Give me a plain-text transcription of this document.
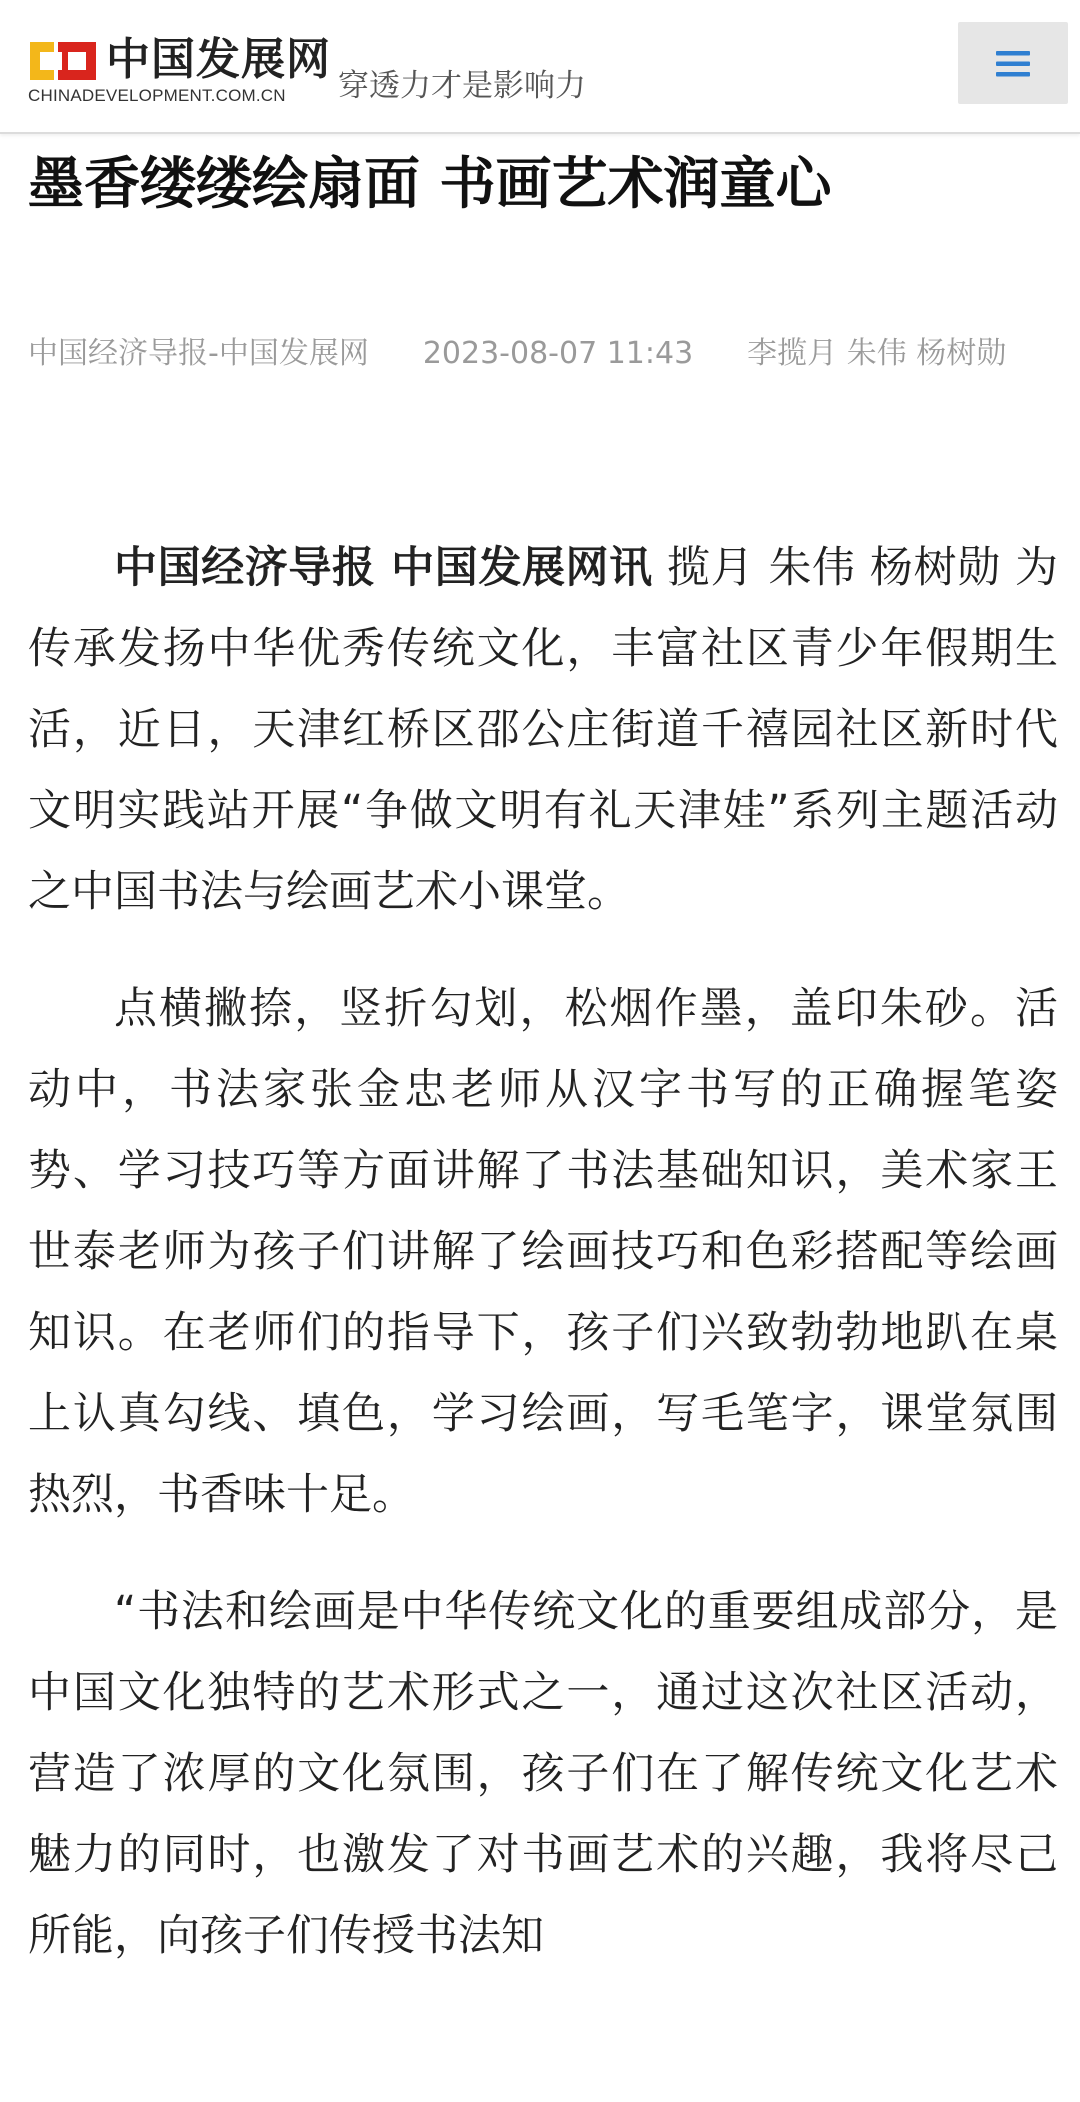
中国发展网
CHINADEVELOPMENT.COM.CN 穿透力才是影响力
墨香缕缕绘扇面 书画艺术润童心
中国经济导报-中国发展网 2023-08-07 11:43 李揽月 朱伟 杨树勋

中国经济导报 中国发展网讯 揽月 朱伟 杨树勋 为传承发扬中华优秀传统文化，丰富社区青少年假期生活，近日，天津红桥区邵公庄街道千禧园社区新时代文明实践站开展“争做文明有礼天津娃”系列主题活动之中国书法与绘画艺术小课堂。

点横撇捺，竖折勾划，松烟作墨，盖印朱砂。活动中，书法家张金忠老师从汉字书写的正确握笔姿势、学习技巧等方面讲解了书法基础知识，美术家王世泰老师为孩子们讲解了绘画技巧和色彩搭配等绘画知识。在老师们的指导下，孩子们兴致勃勃地趴在桌上认真勾线、填色，学习绘画，写毛笔字，课堂氛围热烈，书香味十足。

“书法和绘画是中华传统文化的重要组成部分，是中国文化独特的艺术形式之一，通过这次社区活动，营造了浓厚的文化氛围，孩子们在了解传统文化艺术魅力的同时，也激发了对书画艺术的兴趣，我将尽己所能，向孩子们传授书法知
